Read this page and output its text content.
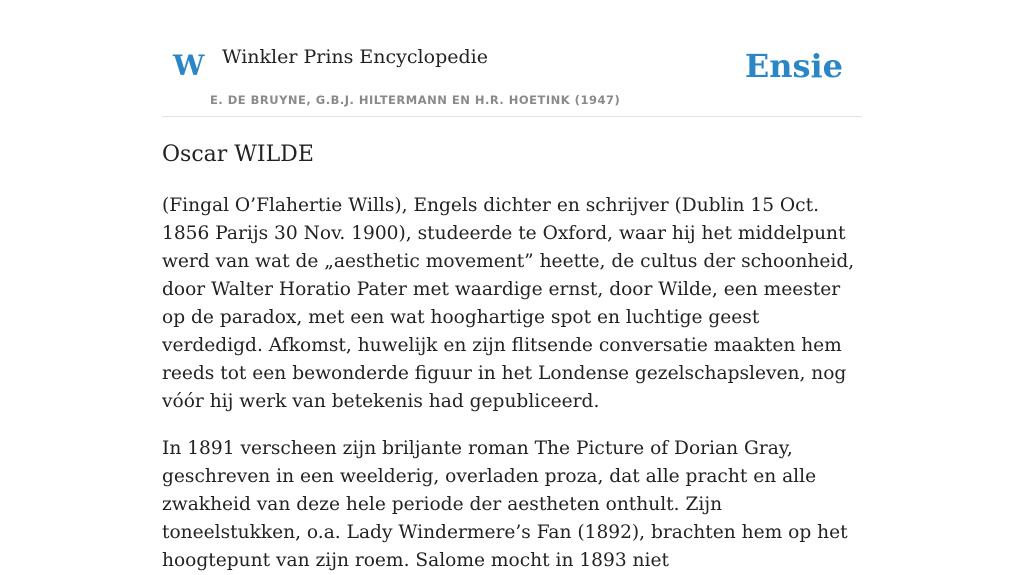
W Winkler Prins Encyclopedie
E. DE BRUYNE, G.B.J. HILTERMANN EN H.R. HOETINK (1947)
Ensie
Oscar WILDE

(Fingal O’Flahertie Wills), Engels dichter en schrijver (Dublin 15 Oct. 1856 Parijs 30 Nov. 1900), studeerde te Oxford, waar hij het middelpunt werd van wat de „aesthetic movement” heette, de cultus der schoonheid, door Walter Horatio Pater met waardige ernst, door Wilde, een meester op de paradox, met een wat hooghartige spot en luchtige geest verdedigd. Afkomst, huwelijk en zijn flitsende conversatie maakten hem reeds tot een bewonderde figuur in het Londense gezelschapsleven, nog vóór hij werk van betekenis had gepubliceerd.

In 1891 verscheen zijn briljante roman The Picture of Dorian Gray, geschreven in een weelderig, overladen proza, dat alle pracht en alle zwakheid van deze hele periode der aestheten onthult. Zijn toneelstukken, o.a. Lady Windermere’s Fan (1892), brachten hem op het hoogtepunt van zijn roem. Salome mocht in 1893 niet
